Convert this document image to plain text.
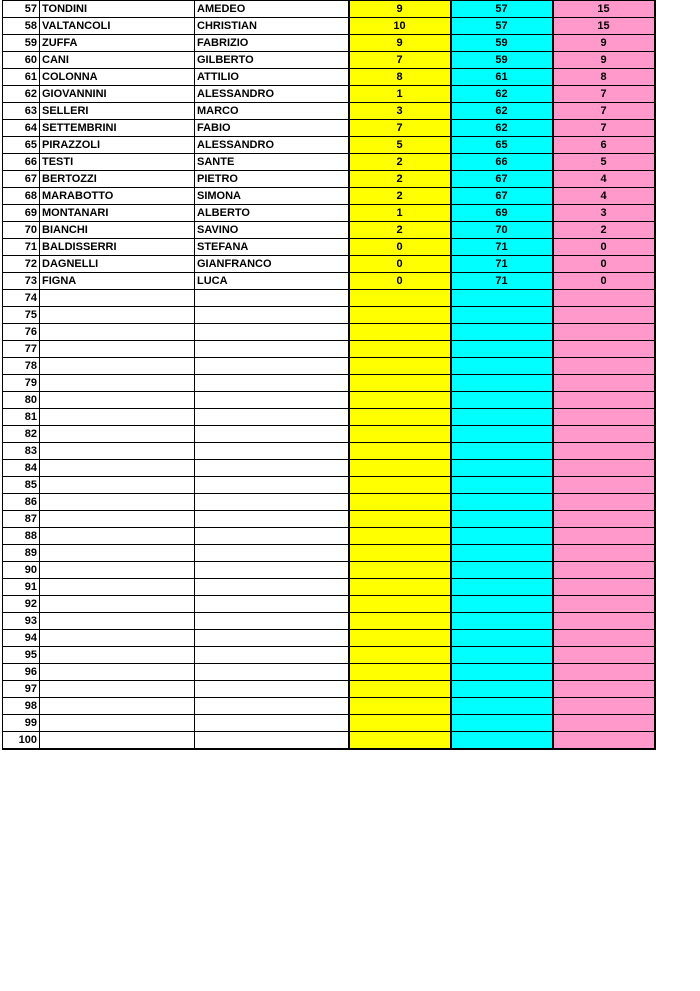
57	TONDINI	AMEDEO	9	57	15
58	VALTANCOLI	CHRISTIAN	10	57	15
59	ZUFFA	FABRIZIO	9	59	9
60	CANI	GILBERTO	7	59	9
61	COLONNA	ATTILIO	8	61	8
62	GIOVANNINI	ALESSANDRO	1	62	7
63	SELLERI	MARCO	3	62	7
64	SETTEMBRINI	FABIO	7	62	7
65	PIRAZZOLI	ALESSANDRO	5	65	6
66	TESTI	SANTE	2	66	5
67	BERTOZZI	PIETRO	2	67	4
68	MARABOTTO	SIMONA	2	67	4
69	MONTANARI	ALBERTO	1	69	3
70	BIANCHI	SAVINO	2	70	2
71	BALDISSERRI	STEFANA	0	71	0
72	DAGNELLI	GIANFRANCO	0	71	0
73	FIGNA	LUCA	0	71	0
74					
75					
76					
77					
78					
79					
80					
81					
82					
83					
84					
85					
86					
87					
88					
89					
90					
91					
92					
93					
94					
95					
96					
97					
98					
99					
100					
